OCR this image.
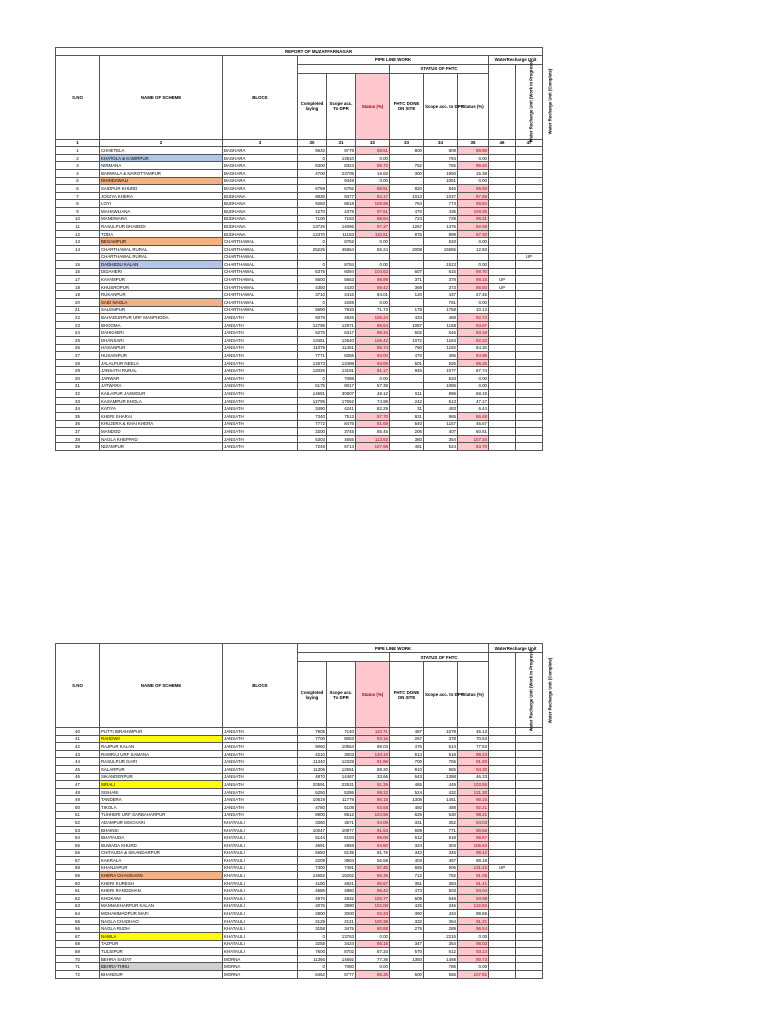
REPORT OF MUZAFFARNAGAR										
S.NO	NAME OF SCHEME	BLOCK	PIPE LINE WORK						WaterRecharge Unit	
						STATUS OF FHTC			Water Recharge Unit (Work in Progress)	Water Recharge Unit (Complete)
			Completed laying	Scope acc. To DPR	Status (%)	FHTC DONE ON SITE	Scope acc. to DPR	Status (%)		
1	2	3	30	31	32	33	34	35	46	47
1	CHHETELA	BAGHARA	9633	9779	98.51	800	809	98.89		
2	KHATOLA & KABIRPUR	BAGHARA	0	13910	0.00		794	0.00		
3	NIRMANA	BAGHARA	8300	8323	99.72	752	755	99.60		
4	BARWALA & NAROTTAMPUR	BAGHARA	4700	23705	19.83	300	1950	15.38		
5	DHINDAWALI	BAGHARA		9448	0.00		1061	0.00		
6	SAIDPUR KHURD	BAGHARA	6759	6792	99.51	820	846	96.93		
7	JOGIYA KHERA	BUDHANA	8830	9377	94.17	1013	1037	97.69		
8	LOYI	BUDHANA	9283	8518	108.98	764	773	98.84		
9	MAHAWLIANA	BUDHANA	4270	4379	97.51	470	435	108.05		
10	MANDWARA	BUDHANA	7100	7183	98.84	724	729	99.31		
11	RASULPUR DHABEDI	BUDHANA	13725	14096	97.37	1267	1376	92.08		
12	TODA	BUDHANA	12370	11183	110.61	875	899	97.33		
13	BEGAMPUR	CHARTHAWAL	0	6752	0.00		633	0.00		
14	CHARTHAWAL RURAL	CHARTHAWAL	25225	45664	55.24	2008	15655	12.83		
	CHARTHAWAL RURAL	CHARTHAWAL								UP
15	DADHEDU KALAN	CHARTHAWAL	0	8784	0.00		1523	0.00		
16	DIDAHERI	CHARTHAWAL	6376	6094	104.63	607	615	98.70		
17	KAYAMPUR	CHARTHAWAL	5600	5663	98.89	371	378	98.15	UP	
18	KHUSROPUR	CHARTHAWAL	4350	4420	98.42	369	373	98.93	UP	
19	RUKANPUR	CHARTHAWAL	3710	4416	84.01	120	437	27.46		
20	SAID NAGLA	CHARTHAWAL	0	4265	0.00		781	0.00		
21	SALEMPUR	CHARTHAWAL	5690	7933	71.73	178	1758	10.13		
22	BAHADURPUR URF MANPHODA	JANSATH	5079	4826	105.24	434	468	92.74		
23	BHOOMA	JANSATH	12795	12971	98.64	1087	1158	93.87		
24	DAHKHERI	JANSATH	6275	6317	99.34	602	646	93.19		
25	DHANSARI	JANSATH	13451	12640	106.42	1072	1164	92.10		
26	HASANPUR	JANSATH	11078	11451	96.74	760	1182	64.30		
27	HUSAINPUR	JANSATH	7771	8356	93.00	470	495	94.95		
28	JALALPUR NEELA	JANSATH	12673	13498	93.89	501	526	95.25		
29	JANSATH RURAL	JANSATH	12026	13191	91.17	945	1077	87.74		
30	JARWAR	JANSATH	0	7088	0.00		633	0.00		
31	JATWARA	JANSATH	5175	9017	57.39		1086	0.00		
32	KAILAPUR JASMOUR	JANSATH	14681	30507	48.12	611	896	68.19		
33	KASAMPUR KHOLA	JANSATH	12795	17062	74.98	242	513	47.17		
34	KATIYA	JANSATH	3490	4241	82.29	31	483	6.44		
35	KHERI SHARAI	JANSATH	7340	7513	97.70	931	965	96.48		
36	KHUJERA & KHAI KHERA	JANSATH	7772	8476	91.69	540	1157	46.67		
37	MANDOD	JANSATH	3200	3745	85.45	206	407	50.61		
38	NAGLA KHEPPAD	JANSATH	5303	4655	113.92	380	354	107.34		
39	NIZAMPUR	JANSATH	7249	6713	107.98	491	524	93.70		
S.NO	NAME OF SCHEME	BLOCK	PIPE LINE WORK						WaterRecharge Unit	
						STATUS OF FHTC			Water Recharge Unit (Work in Progress)	Water Recharge Unit (Complete)
			Completed laying	Scope acc. To DPR	Status (%)	FHTC DONE ON SITE	Scope acc. to DPR	Status (%)		
40	PUTTI IBRAHIMPUR	JANSATH	7905	7140	110.71	487	1079	45.13		
41	RAHDWA	JANSATH	7700	8053	93.18	267	378	70.63		
42	RAJPUR KALAN	JANSATH	9060	10554	88.03	476	614	77.52		
43	RAMRAJ URF SAMANA	JANSATH	4210	3003	140.19	514	518	99.23		
44	RASULPUR GARI	JANSATH	11340	12329	91.98	700	765	91.50		
45	SALARPUR	JANSATH	11306	12651	89.20	910	965	94.30		
46	SIKANDERPUR	JANSATH	4870	14467	33.66	643	1388	46.33		
47	SIRALI	JANSATH	20591	22531	91.39	465	449	103.56		
48	SISHANI	JANSATH	5250	5286	99.32	524	432	121.30		
49	TANDERA	JANSATH	10619	11779	90.15	1308	1451	90.15		
50	TIKOLA	JANSATH	4780	5108	93.58	450	488	92.21		
51	TUHHERI URF SARBAHARPUR	JANSATH	8900	8512	104.56	625	630	99.21		
52	ADAMPUR MOCHARI	KHATAULI	3360	3571	94.09	331	352	94.03		
53	BHAINSI	KHATAULI	10047	10977	91.53	699	771	90.66		
54	BHATAUDA	KHATAULI	5144	5193	99.06	612	619	98.87		
55	BUWADA KHURD	KHATAULI	4691	4958	94.60	324	303	106.93		
56	CHITAUDA & SIKANDARPUR	KHATAULI	6650	8135	81.75	343	345	99.42		
57	KAKRALA	KHATAULI	2209	3904	56.58	403	457	88.18		
58	KHANJAPUR	KHATAULI	7300	7491	97.45	665	506	131.42	UP	
59	KHERA CHAOGAON	KHATAULI	14652	15202	96.38	712	782	91.05		
60	KHERI KURESH	KHATAULI	4190	4621	90.67	351	384	91.41		
61	KHERI RANGDHAN	KHATAULI	4686	4860	96.42	473	503	94.04		
62	KHOKANI	KHATAULI	4970	4932	100.77	609	648	93.98		
63	MANNAKHARPUR KALAN	KHATAULI	4076	3990	102.08	425	346	122.83		
64	MOHAMMADPUR MAFI	KHATAULI	2800	3000	93.33	390	434	89.86		
65	NAGLA CHADHAO	KHATAULI	2129	2121	100.38	332	364	91.21		
66	NAGLA RUDH	KHATAULI	3158	3475	90.88	279	289	96.54		
67	NAWLA	KHATAULI	0	13763	0.00		2216	0.00		
68	TAZPUR	KHATAULI	3258	3424	95.15	347	354	98.02		
69	TULSIPUR	KHATAULI	7600	8702	87.34	570	612	93.14		
70	BEHRA SADAT	MORNA	11366	14692	77.36	1350	1488	90.73		
71	BEHRA THRU	MORNA	0	7080	0.00		786	0.00		
72	BHANDUR	MORNA	6462	6777	95.35	600	556	107.91		
